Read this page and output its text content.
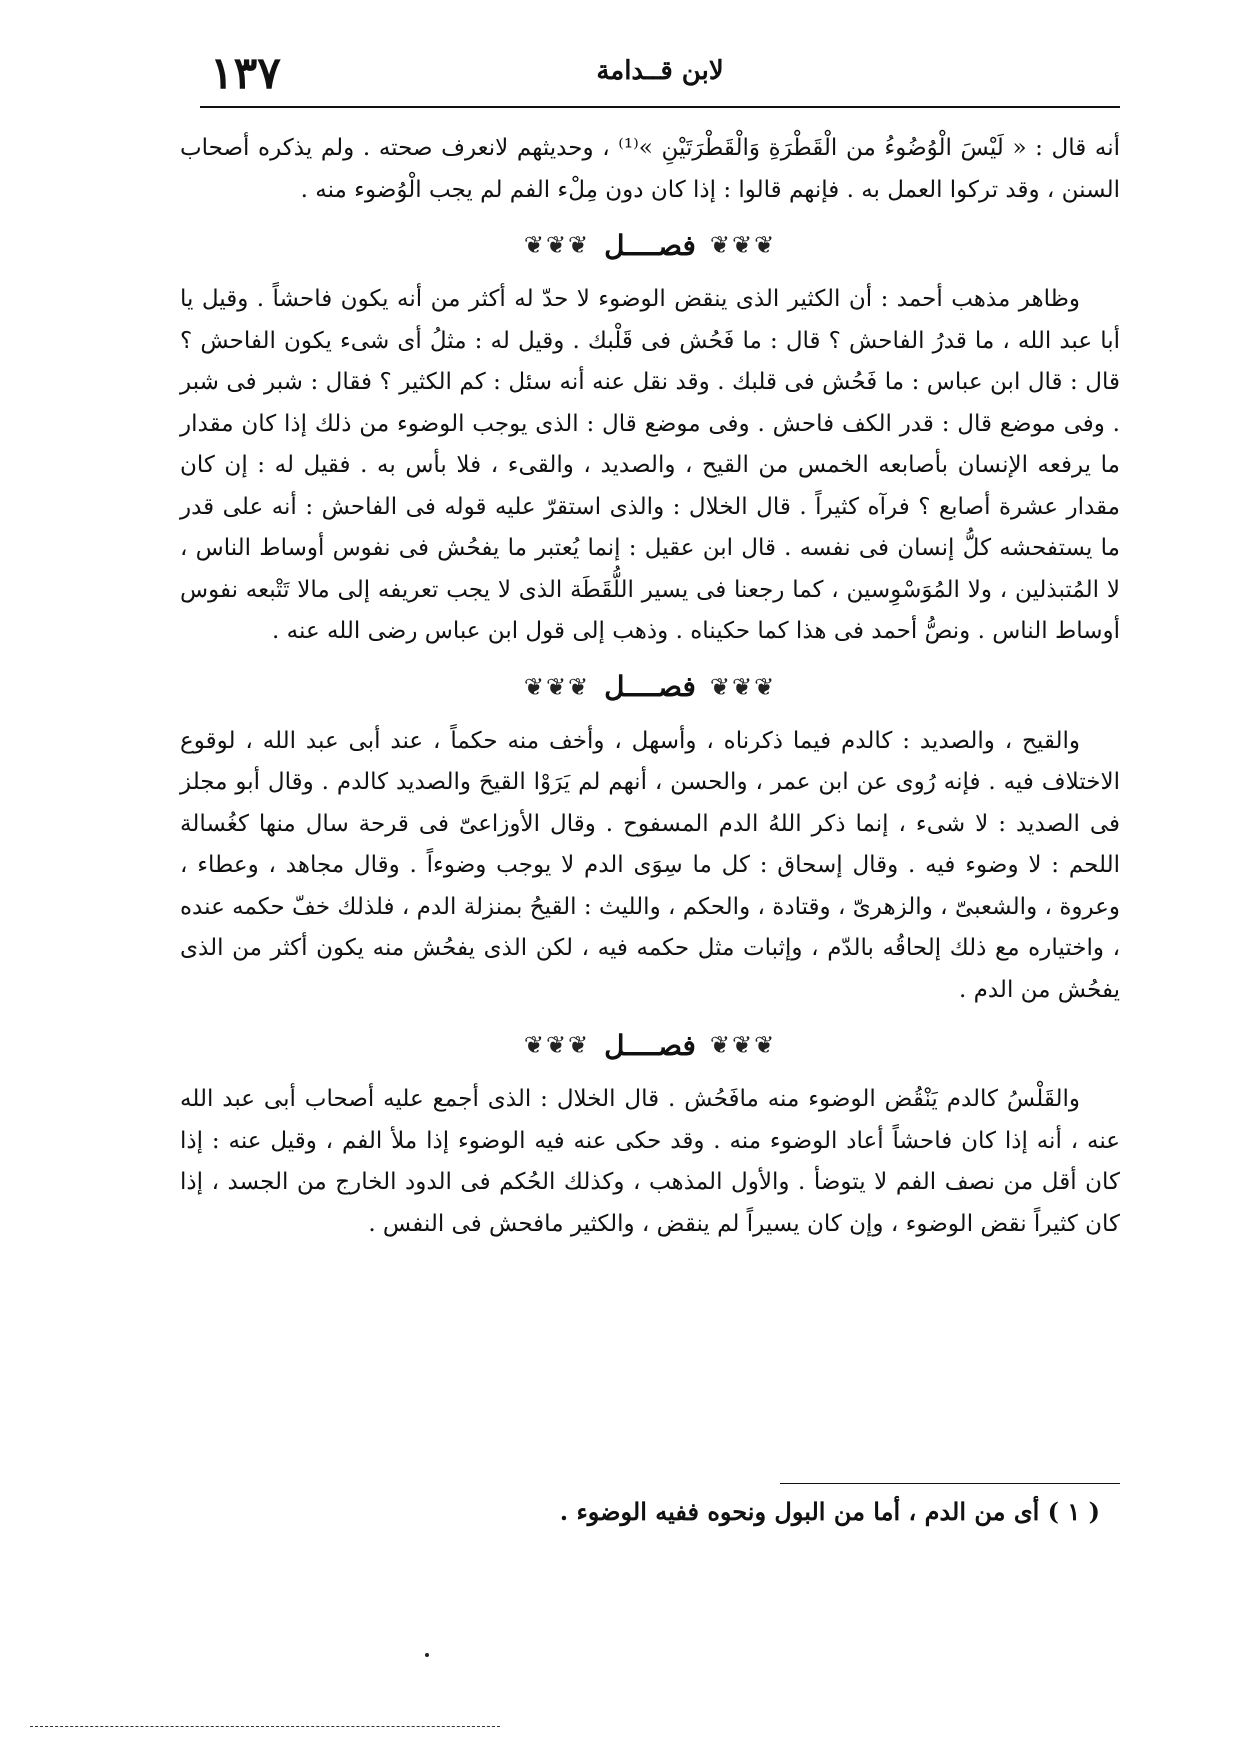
لابن قــدامة
١٣٧

أنه قال : « لَيْسَ الْوُضُوءُ من الْقَطْرَةِ وَالْقَطْرَتَيْنِ »⁽¹⁾ ، وحديثهم لانعرف صحته . ولم يذكره أصحاب السنن ، وقد تركوا العمل به . فإنهم قالوا : إذا كان دون مِلْء الفم لم يجب الْوُضوء منه .

❦❦❦
فصــــل
❦❦❦

وظاهر مذهب أحمد : أن الكثير الذى ينقض الوضوء لا حدّ له أكثر من أنه يكون فاحشاً . وقيل يا أبا عبد الله ، ما قدرُ الفاحش ؟ قال : ما فَحُش فى قَلْبك . وقيل له : مثلُ أى شىء يكون الفاحش ؟ قال : قال ابن عباس : ما فَحُش فى قلبك . وقد نقل عنه أنه سئل : كم الكثير ؟ فقال : شبر فى شبر . وفى موضع قال : قدر الكف فاحش . وفى موضع قال : الذى يوجب الوضوء من ذلك إذا كان مقدار ما يرفعه الإنسان بأصابعه الخمس من القيح ، والصديد ، والقىء ، فلا بأس به . فقيل له : إن كان مقدار عشرة أصابع ؟ فرآه كثيراً . قال الخلال : والذى استقرّ عليه قوله فى الفاحش : أنه على قدر ما يستفحشه كلُّ إنسان فى نفسه . قال ابن عقيل : إنما يُعتبر ما يفحُش فى نفوس أوساط الناس ، لا المُتبذلين ، ولا المُوَسْوِسين ، كما رجعنا فى يسير اللُّقَطَة الذى لا يجب تعريفه إلى مالا تَتْبعه نفوس أوساط الناس . ونصُّ أحمد فى هذا كما حكيناه . وذهب إلى قول ابن عباس رضى الله عنه .

❦❦❦
فصــــل
❦❦❦

والقيح ، والصديد : كالدم فيما ذكرناه ، وأسهل ، وأخف منه حكماً ، عند أبى عبد الله ، لوقوع الاختلاف فيه . فإنه رُوى عن ابن عمر ، والحسن ، أنهم لم يَرَوْا القيحَ والصديد كالدم . وقال أبو مجلز فى الصديد : لا شىء ، إنما ذكر اللهُ الدم المسفوح . وقال الأوزاعىّ فى قرحة سال منها كغُسالة اللحم : لا وضوء فيه . وقال إسحاق : كل ما سِوَى الدم لا يوجب وضوءاً . وقال مجاهد ، وعطاء ، وعروة ، والشعبىّ ، والزهرىّ ، وقتادة ، والحكم ، والليث : القيحُ بمنزلة الدم ، فلذلك خفّ حكمه عنده ، واختياره مع ذلك إلحاقُه بالدّم ، وإثبات مثل حكمه فيه ، لكن الذى يفحُش منه يكون أكثر من الذى يفحُش من الدم .

❦❦❦
فصــــل
❦❦❦

والقَلْسُ كالدم يَنْقُض الوضوء منه مافَحُش . قال الخلال : الذى أجمع عليه أصحاب أبى عبد الله عنه ، أنه إذا كان فاحشاً أعاد الوضوء منه . وقد حكى عنه فيه الوضوء إذا ملأ الفم ، وقيل عنه : إذا كان أقل من نصف الفم لا يتوضأ . والأول المذهب ، وكذلك الحُكم فى الدود الخارج من الجسد ، إذا كان كثيراً نقض الوضوء ، وإن كان يسيراً لم ينقض ، والكثير مافحش فى النفس .

( ١ ) أى من الدم ، أما من البول ونحوه ففيه الوضوء .
